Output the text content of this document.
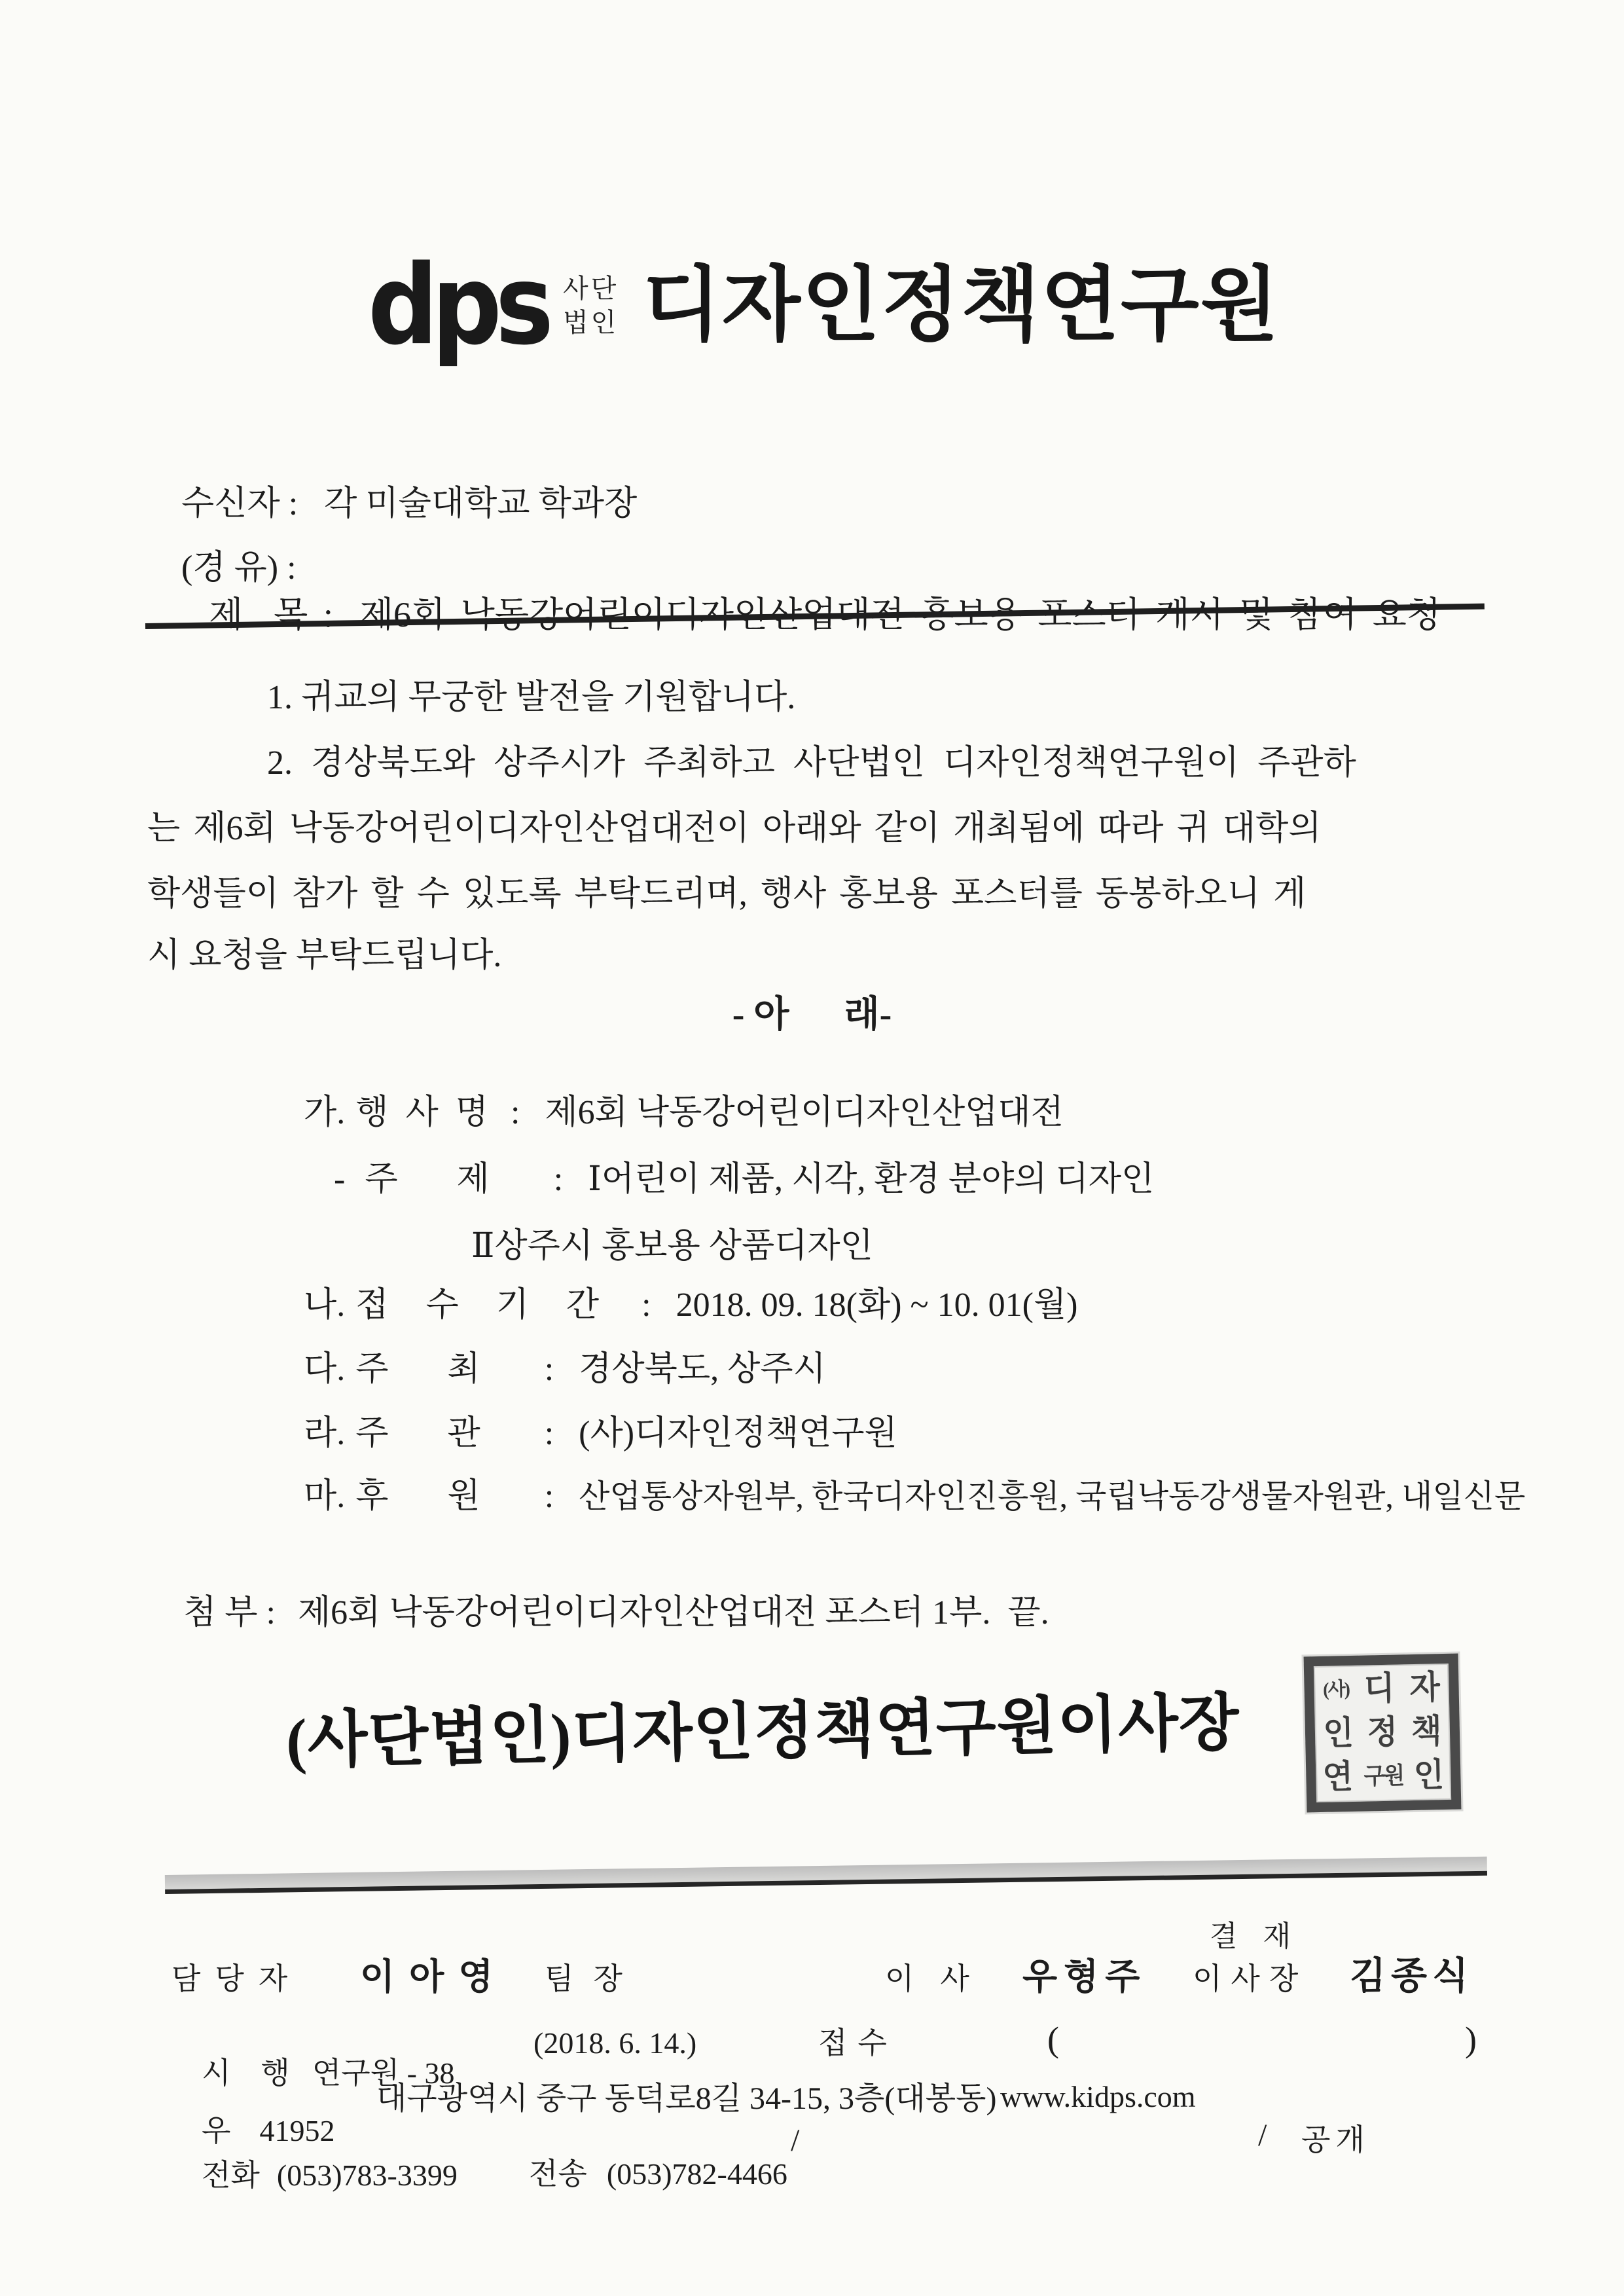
dps 사단
법인 디자인정책연구원

수신자 : 각 미술대학교 학과장

(경 유) :

제  목 : 제6회 낙동강어린이디자인산업대전 홍보용 포스터 게시 및 참여 요청

1. 귀교의 무궁한 발전을 기원합니다.
2. 경상북도와 상주시가 주최하고 사단법인 디자인정책연구원이 주관하
는 제6회 낙동강어린이디자인산업대전이 아래와 같이 개최됨에 따라 귀 대학의
학생들이 참가 할 수 있도록 부탁드리며, 행사 홍보용 포스터를 동봉하오니 게
시 요청을 부탁드립니다.
- 아      래-

가. 행사명 : 제6회 낙동강어린이디자인산업대전

- 주제 : Ⅰ어린이 제품, 시각, 환경 분야의 디자인

Ⅱ상주시 홍보용 상품디자인

나. 접수기간 : 2018. 09. 18(화) ~ 10. 01(월)

다. 주최 : 경상북도, 상주시

라. 주관 : (사)디자인정책연구원

마. 후원 : 산업통상자원부, 한국디자인진흥원, 국립낙동강생물자원관, 내일신문

첨 부 : 제6회 낙동강어린이디자인산업대전 포스터 1부.  끝.

(사단법인)디자인정책연구원이사장	(사) 디 자
인 정 책
연 구원 인
결 재
담당자 이아영 팀장	이사 우형주 이사장 김종식

시    행 연구원 - 38

(2018. 6. 14.)	접수	(	)

우 41952

대구광역시 중구 동덕로8길 34-15, 3층(대봉동) www.kidps.com

전화 (053)783-3399
	전송 (053)782-4466

/	/ 공개
